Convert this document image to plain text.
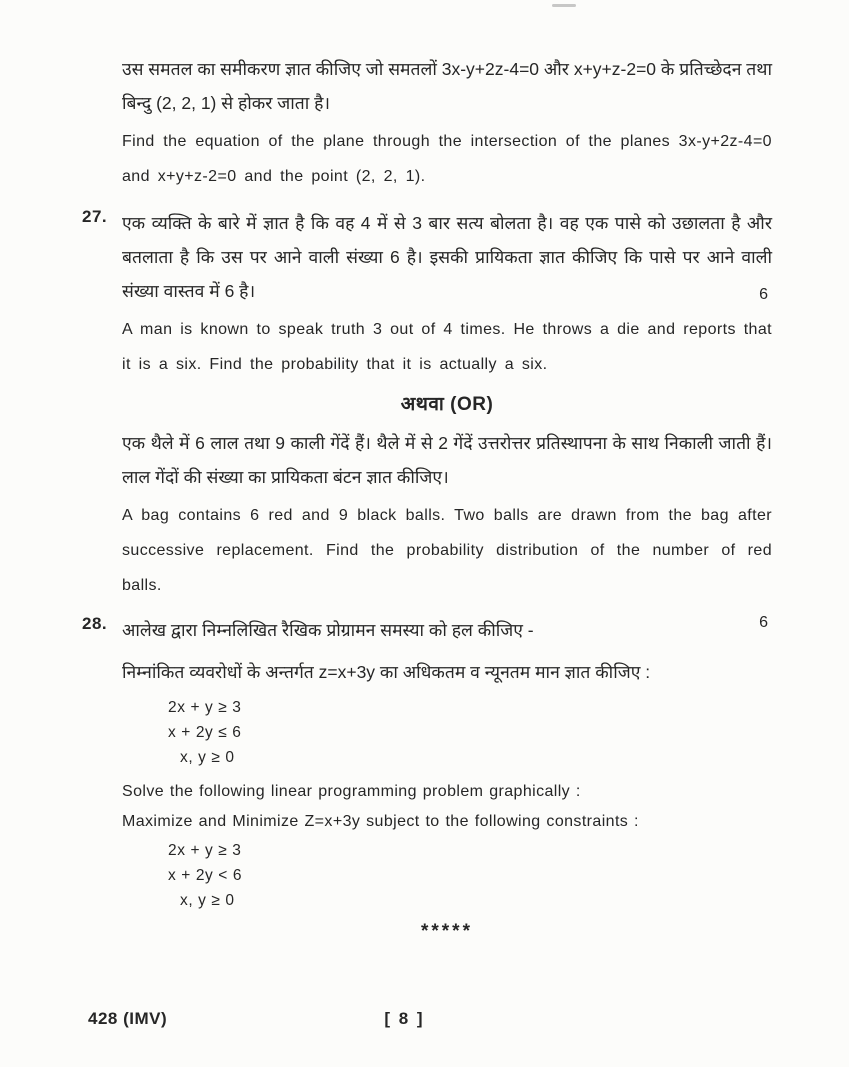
उस समतल का समीकरण ज्ञात कीजिए जो समतलों 3x-y+2z-4=0 और x+y+z-2=0 के प्रतिच्छेदन तथा बिन्दु (2, 2, 1) से होकर जाता है।

Find the equation of the plane through the intersection of the planes 3x-y+2z-4=0 and x+y+z-2=0 and the point (2, 2, 1).

27. एक व्यक्ति के बारे में ज्ञात है कि वह 4 में से 3 बार सत्य बोलता है। वह एक पासे को उछालता है और बतलाता है कि उस पर आने वाली संख्या 6 है। इसकी प्रायिकता ज्ञात कीजिए कि पासे पर आने वाली संख्या वास्तव में 6 है।	6

A man is known to speak truth 3 out of 4 times. He throws a die and reports that it is a six. Find the probability that it is actually a six.

अथवा (OR)

एक थैले में 6 लाल तथा 9 काली गेंदें हैं। थैले में से 2 गेंदें उत्तरोत्तर प्रतिस्थापना के साथ निकाली जाती हैं। लाल गेंदों की संख्या का प्रायिकता बंटन ज्ञात कीजिए।

A bag contains 6 red and 9 black balls. Two balls are drawn from the bag after successive replacement. Find the probability distribution of the number of red balls.

28. आलेख द्वारा निम्नलिखित रैखिक प्रोग्रामन समस्या को हल कीजिए -	6

निम्नांकित व्यवरोधों के अन्तर्गत z=x+3y का अधिकतम व न्यूनतम मान ज्ञात कीजिए :

2x + y ≥ 3

x + 2y ≤ 6

x, y ≥ 0

Solve the following linear programming problem graphically :

Maximize and Minimize Z=x+3y subject to the following constraints :

2x + y ≥ 3

x + 2y < 6

x, y ≥ 0

*****
428 (IMV)	[ 8 ]
